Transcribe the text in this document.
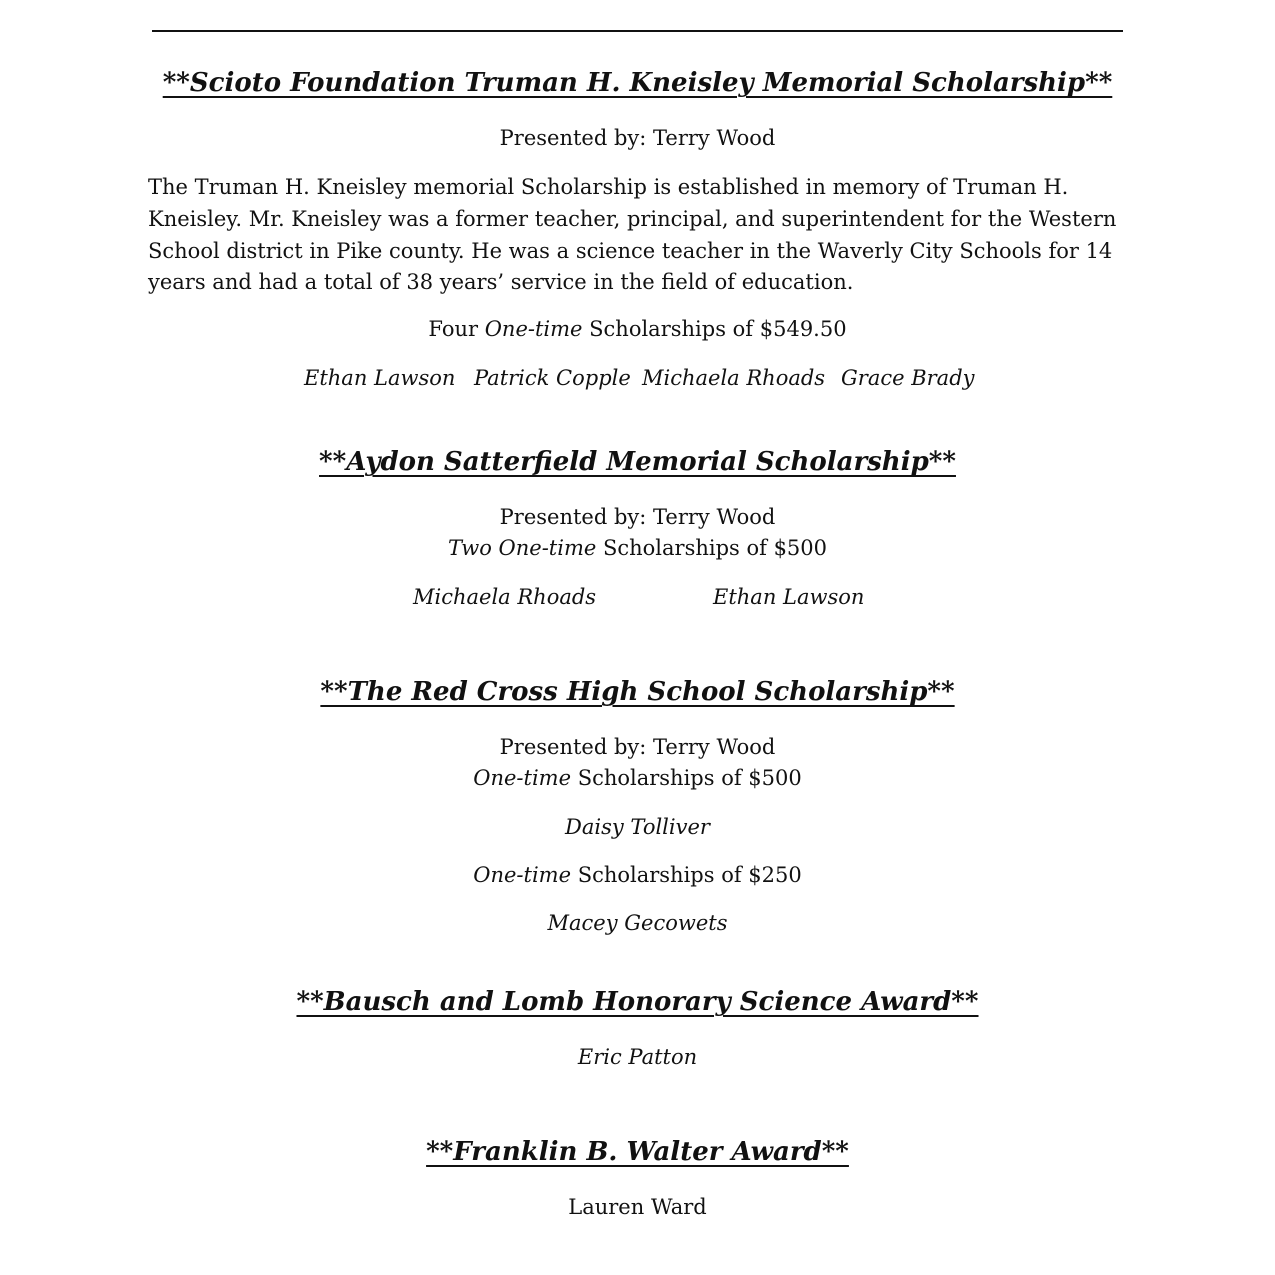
**Scioto Foundation Truman H. Kneisley Memorial Scholarship**
Presented by: Terry Wood
The Truman H. Kneisley memorial Scholarship is established in memory of Truman H.
Kneisley. Mr. Kneisley was a former teacher, principal, and superintendent for the Western
School district in Pike county. He was a science teacher in the Waverly City Schools for 14
years and had a total of 38 years’ service in the field of education.
Four One-time Scholarships of $549.50
Ethan Lawson Patrick Copple Michaela Rhoads Grace Brady
**Aydon Satterfield Memorial Scholarship**
Presented by: Terry Wood
Two One-time Scholarships of $500
Michaela Rhoads	Ethan Lawson
**The Red Cross High School Scholarship**
Presented by: Terry Wood
One-time Scholarships of $500
Daisy Tolliver
One-time Scholarships of $250
Macey Gecowets
**Bausch and Lomb Honorary Science Award**
Eric Patton
**Franklin B. Walter Award**
Lauren Ward
